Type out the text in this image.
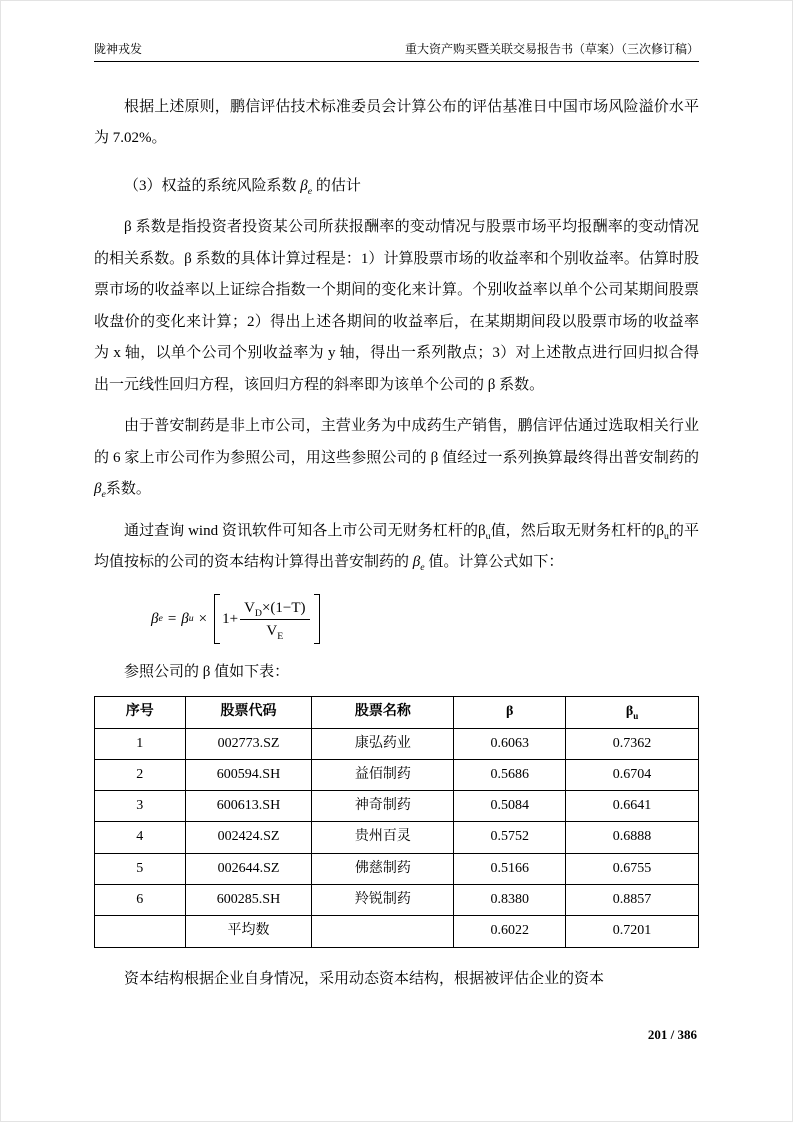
陇神戎发	重大资产购买暨关联交易报告书（草案）（三次修订稿）

根据上述原则，鹏信评估技术标准委员会计算公布的评估基准日中国市场风险溢价水平为 7.02%。

（3）权益的系统风险系数 $\beta_e$ 的估计

β 系数是指投资者投资某公司所获报酬率的变动情况与股票市场平均报酬率的变动情况的相关系数。β 系数的具体计算过程是：1）计算股票市场的收益率和个别收益率。估算时股票市场的收益率以上证综合指数一个期间的变化来计算。个别收益率以单个公司某期间股票收盘价的变化来计算；2）得出上述各期间的收益率后，在某期期间段以股票市场的收益率为 x 轴，以单个公司个别收益率为 y 轴，得出一系列散点；3）对上述散点进行回归拟合得出一元线性回归方程，该回归方程的斜率即为该单个公司的 β 系数。

由于普安制药是非上市公司，主营业务为中成药生产销售，鹏信评估通过选取相关行业的 6 家上市公司作为参照公司，用这些参照公司的 β 值经过一系列换算最终得出普安制药的$\beta_e$系数。

通过查询 wind 资讯软件可知各上市公司无财务杠杆的$\beta_u$值，然后取无财务杠杆的$\beta_u$的平均值按标的公司的资本结构计算得出普安制药的 $\beta_e$ 值。计算公式如下：

β e = β $u \times 1+ \frac{V_D\times(1-T)}{V_E}$

参照公司的 β 值如下表：

序号	股票代码	股票名称	β	$\beta_u$
1	002773.SZ	康弘药业	0.6063	0.7362
2	600594.SH	益佰制药	0.5686	0.6704
3	600613.SH	神奇制药	0.5084	0.6641
4	002424.SZ	贵州百灵	0.5752	0.6888
5	002644.SZ	佛慈制药	0.5166	0.6755
6	600285.SH	羚锐制药	0.8380	0.8857
	平均数		0.6022	0.7201

资本结构根据企业自身情况，采用动态资本结构，根据被评估企业的资本

201 / 386
